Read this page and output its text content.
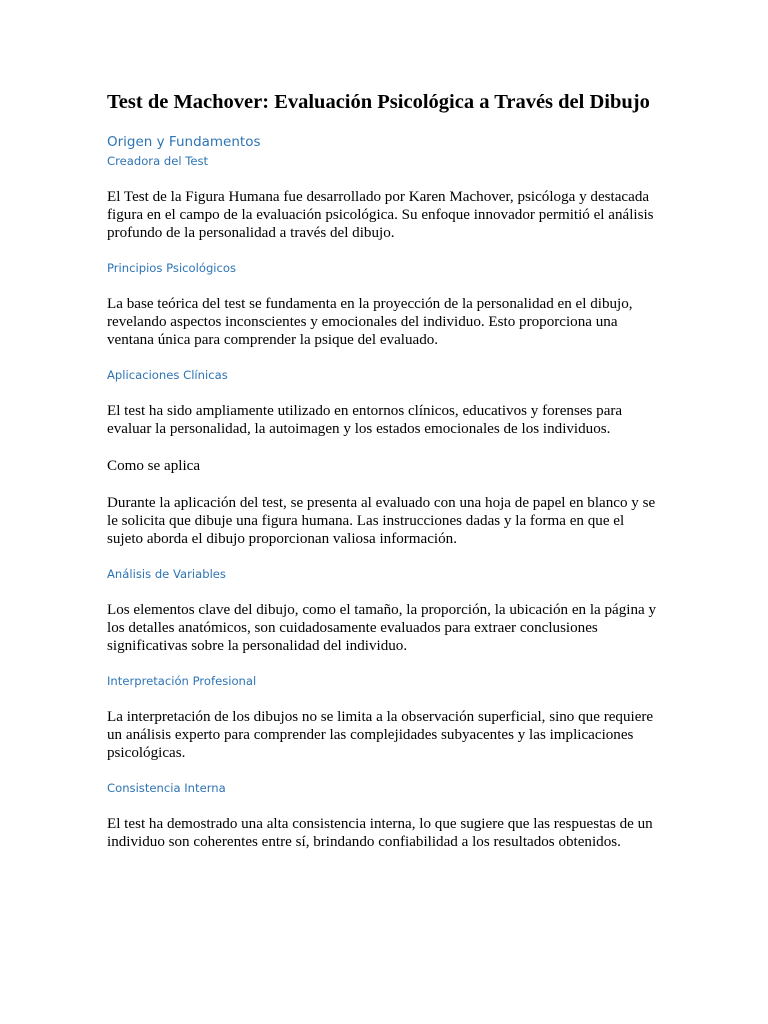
Test de Machover: Evaluación Psicológica a Través del Dibujo
Origen y Fundamentos
Creadora del Test
El Test de la Figura Humana fue desarrollado por Karen Machover, psicóloga y destacada
figura en el campo de la evaluación psicológica. Su enfoque innovador permitió el análisis
profundo de la personalidad a través del dibujo.
Principios Psicológicos
La base teórica del test se fundamenta en la proyección de la personalidad en el dibujo,
revelando aspectos inconscientes y emocionales del individuo. Esto proporciona una
ventana única para comprender la psique del evaluado.
Aplicaciones Clínicas
El test ha sido ampliamente utilizado en entornos clínicos, educativos y forenses para
evaluar la personalidad, la autoimagen y los estados emocionales de los individuos.
Como se aplica
Durante la aplicación del test, se presenta al evaluado con una hoja de papel en blanco y se
le solicita que dibuje una figura humana. Las instrucciones dadas y la forma en que el
sujeto aborda el dibujo proporcionan valiosa información.
Análisis de Variables
Los elementos clave del dibujo, como el tamaño, la proporción, la ubicación en la página y
los detalles anatómicos, son cuidadosamente evaluados para extraer conclusiones
significativas sobre la personalidad del individuo.
Interpretación Profesional
La interpretación de los dibujos no se limita a la observación superficial, sino que requiere
un análisis experto para comprender las complejidades subyacentes y las implicaciones
psicológicas.
Consistencia Interna
El test ha demostrado una alta consistencia interna, lo que sugiere que las respuestas de un
individuo son coherentes entre sí, brindando confiabilidad a los resultados obtenidos.
